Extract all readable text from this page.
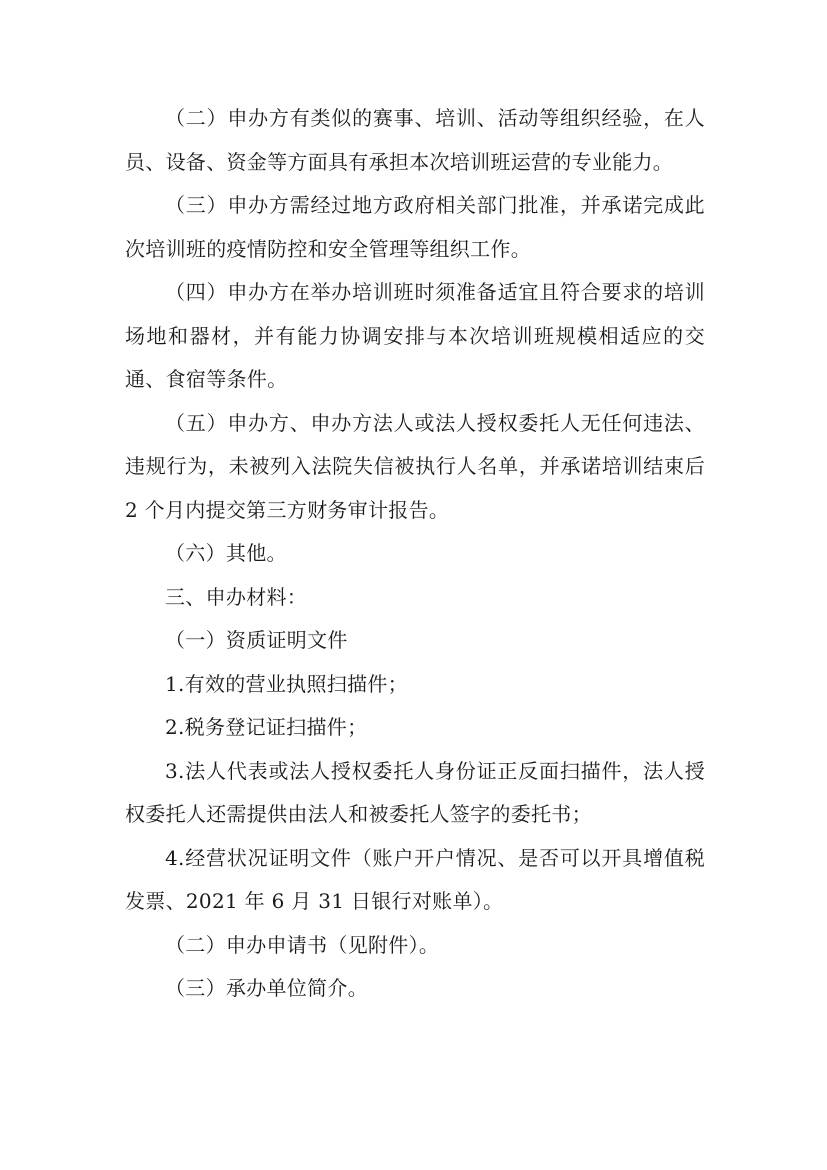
（二）申办方有类似的赛事、培训、活动等组织经验，在人员、设备、资金等方面具有承担本次培训班运营的专业能力。

（三）申办方需经过地方政府相关部门批准，并承诺完成此次培训班的疫情防控和安全管理等组织工作。

（四）申办方在举办培训班时须准备适宜且符合要求的培训场地和器材，并有能力协调安排与本次培训班规模相适应的交通、食宿等条件。

（五）申办方、申办方法人或法人授权委托人无任何违法、违规行为，未被列入法院失信被执行人名单，并承诺培训结束后 2 个月内提交第三方财务审计报告。

（六）其他。

三、申办材料：

（一）资质证明文件

1.有效的营业执照扫描件；

2.税务登记证扫描件；

3.法人代表或法人授权委托人身份证正反面扫描件，法人授权委托人还需提供由法人和被委托人签字的委托书；

4.经营状况证明文件（账户开户情况、是否可以开具增值税发票、2021 年 6 月 31 日银行对账单）。

（二）申办申请书（见附件）。

（三）承办单位简介。
